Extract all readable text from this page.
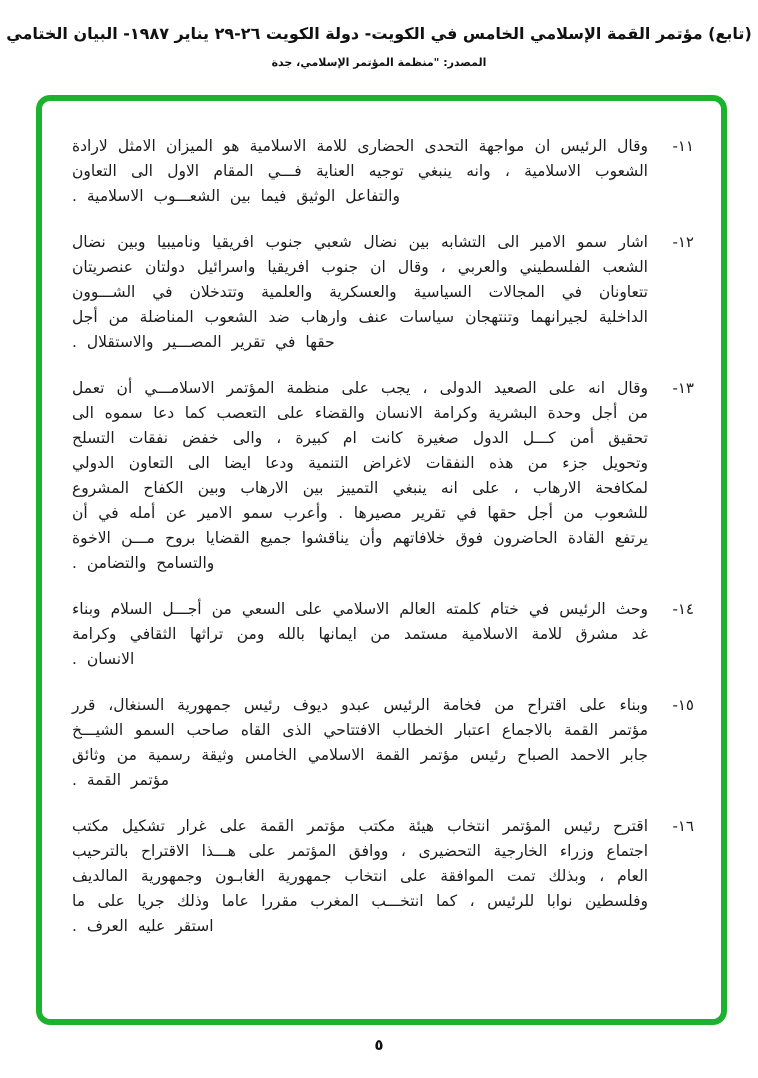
(تابع) مؤتمر القمة الإسلامي الخامس في الكويت- دولة الكويت ٢٦-٢٩ يناير ١٩٨٧- البيان الختامي
المصدر: "منظمة المؤتمر الإسلامي، جدة
١١-
وقال الرئيس ان مواجهة التحدى الحضارى للامة الاسلامية هو الميزان الامثل لارادة الشعوب الاسلامية ، وانه ينبغي توجيه العناية فـــي المقام الاول الى التعاون والتفاعل الوثيق فيما بين الشعـــوب الاسلامية .
١٢-
اشار سمو الامير الى التشابه بين نضال شعبي جنوب افريقيا وناميبيا وبين نضال الشعب الفلسطيني والعربي ، وقال ان جنوب افريقيا واسرائيل دولتان عنصريتان تتعاونان في المجالات السياسية والعسكرية والعلمية وتتدخلان في الشـــوون الداخلية لجيرانهما وتنتهجان سياسات عنف وارهاب ضد الشعوب المناضلة من أجل حقها في تقرير المصـــير والاستقلال .
١٣-
وقال انه على الصعيد الدولى ، يجب على منظمة المؤتمر الاسلامـــي أن تعمل من أجل وحدة البشرية وكرامة الانسان والقضاء على التعصب كما دعا سموه الى تحقيق أمن كـــل الدول صغيرة كانت ام كبيرة ، والى خفض نفقات التسلح وتحويل جزء من هذه النفقات لاغراض التنمية ودعا ايضا الى التعاون الدولي لمكافحة الارهاب ، على انه ينبغي التمييز بين الارهاب وبين الكفاح المشروع للشعوب من أجل حقها في تقرير مصيرها . وأعرب سمو الامير عن أمله في أن يرتفع القادة الحاضرون فوق خلافاتهم وأن يناقشوا جميع القضايا بروح مـــن الاخوة والتسامح والتضامن .
١٤-
وحث الرئيس في ختام كلمته العالم الاسلامي على السعي من أجـــل السلام وبناء غد مشرق للامة الاسلامية مستمد من ايمانها بالله ومن تراثها الثقافي وكرامة الانسان .
١٥-
وبناء على اقتراح من فخامة الرئيس عبدو ديوف رئيس جمهورية السنغال، قرر مؤتمر القمة بالاجماع اعتبار الخطاب الافتتاحي الذى القاه صاحب السمو الشيـــخ جابر الاحمد الصباح رئيس مؤتمر القمة الاسلامي الخامس وثيقة رسمية من وثائق مؤتمر القمة .
١٦-
اقترح رئيس المؤتمر انتخاب هيئة مكتب مؤتمر القمة على غرار تشكيل مكتب اجتماع وزراء الخارجية التحضيرى ، ووافق المؤتمر على هـــذا الاقتراح بالترحيب العام ، وبذلك تمت الموافقة على انتخاب جمهورية الغابـون وجمهورية المالديف وفلسطين نوابا للرئيس ، كما انتخـــب المغرب مقررا عاما وذلك جريا على ما استقر عليه العرف .
٥
